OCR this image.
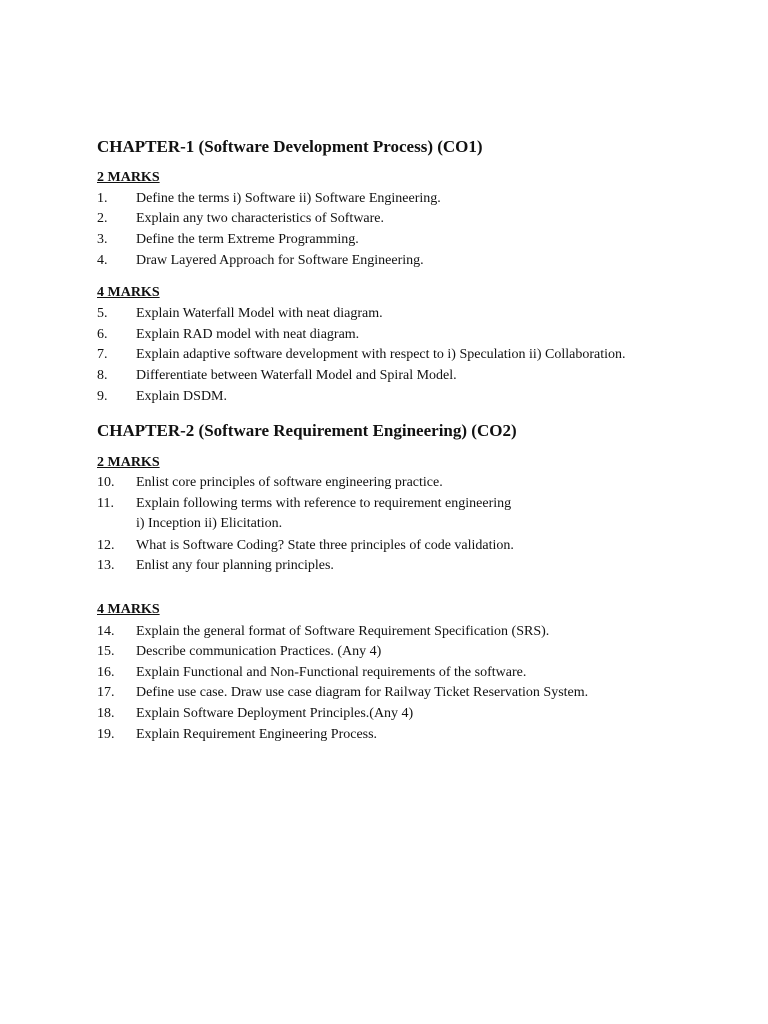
CHAPTER-1 (Software Development Process) (CO1)
2 MARKS
1. Define the terms i) Software ii) Software Engineering.
2. Explain any two characteristics of Software.
3. Define the term Extreme Programming.
4. Draw Layered Approach for Software Engineering.
4 MARKS
5. Explain Waterfall Model with neat diagram.
6. Explain RAD model with neat diagram.
7. Explain adaptive software development with respect to i) Speculation ii) Collaboration.
8. Differentiate between Waterfall Model and Spiral Model.
9. Explain DSDM.
CHAPTER-2 (Software Requirement Engineering) (CO2)
2 MARKS
10. Enlist core principles of software engineering practice.
11. Explain following terms with reference to requirement engineering
i) Inception ii) Elicitation.
12. What is Software Coding? State three principles of code validation.
13. Enlist any four planning principles.
4 MARKS
14. Explain the general format of Software Requirement Specification (SRS).
15. Describe communication Practices. (Any 4)
16. Explain Functional and Non-Functional requirements of the software.
17. Define use case. Draw use case diagram for Railway Ticket Reservation System.
18. Explain Software Deployment Principles.(Any 4)
19. Explain Requirement Engineering Process.
